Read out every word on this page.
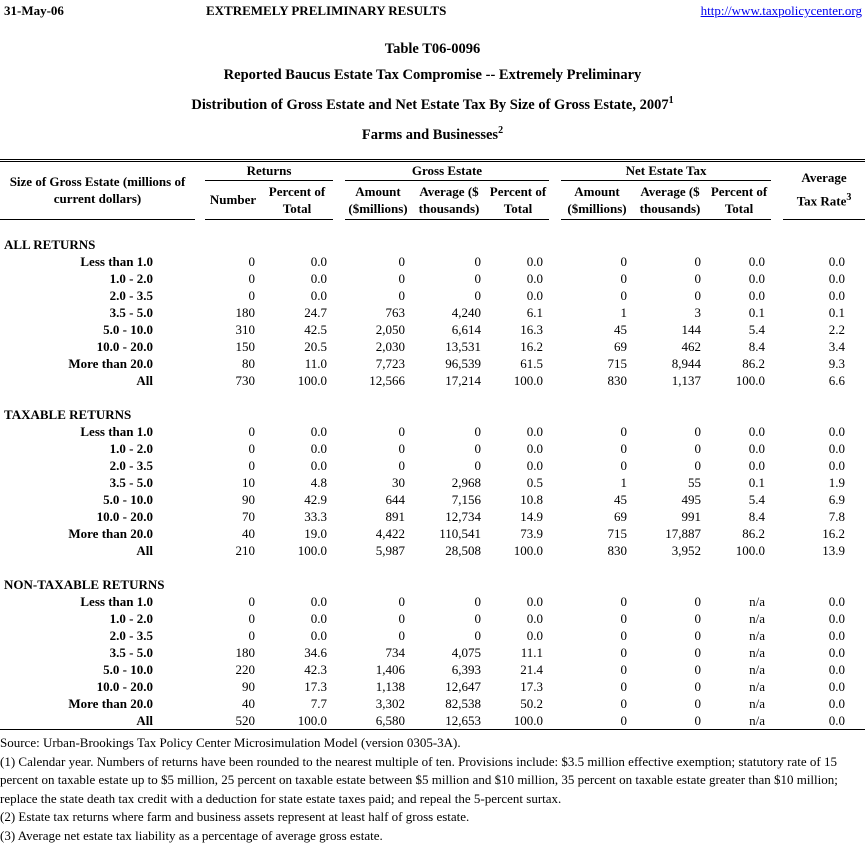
31-May-06	EXTREMELY PRELIMINARY RESULTS	http://www.taxpolicycenter.org
Table T06-0096
Reported Baucus Estate Tax Compromise -- Extremely Preliminary
Distribution of Gross Estate and Net Estate Tax By Size of Gross Estate, 2007$^1$
Farms and Businesses$^2$
Size of Gross Estate (millions of current dollars)		Returns			Gross Estate				Net Estate Tax				Average
Tax Rate$^3$
		Number	Percent of Total		Amount ($millions)	Average ($ thousands)	Percent of Total		Amount ($millions)	Average ($ thousands)	Percent of Total		

ALL RETURNS													
Less than 1.0		0	0.0		0	0	0.0		0	0	0.0		0.0
1.0 - 2.0		0	0.0		0	0	0.0		0	0	0.0		0.0
2.0 - 3.5		0	0.0		0	0	0.0		0	0	0.0		0.0
3.5 - 5.0		180	24.7		763	4,240	6.1		1	3	0.1		0.1
5.0 - 10.0		310	42.5		2,050	6,614	16.3		45	144	5.4		2.2
10.0 - 20.0		150	20.5		2,030	13,531	16.2		69	462	8.4		3.4
More than 20.0		80	11.0		7,723	96,539	61.5		715	8,944	86.2		9.3
All		730	100.0		12,566	17,214	100.0		830	1,137	100.0		6.6

TAXABLE RETURNS													
Less than 1.0		0	0.0		0	0	0.0		0	0	0.0		0.0
1.0 - 2.0		0	0.0		0	0	0.0		0	0	0.0		0.0
2.0 - 3.5		0	0.0		0	0	0.0		0	0	0.0		0.0
3.5 - 5.0		10	4.8		30	2,968	0.5		1	55	0.1		1.9
5.0 - 10.0		90	42.9		644	7,156	10.8		45	495	5.4		6.9
10.0 - 20.0		70	33.3		891	12,734	14.9		69	991	8.4		7.8
More than 20.0		40	19.0		4,422	110,541	73.9		715	17,887	86.2		16.2
All		210	100.0		5,987	28,508	100.0		830	3,952	100.0		13.9

NON-TAXABLE RETURNS													
Less than 1.0		0	0.0		0	0	0.0		0	0	n/a		0.0
1.0 - 2.0		0	0.0		0	0	0.0		0	0	n/a		0.0
2.0 - 3.5		0	0.0		0	0	0.0		0	0	n/a		0.0
3.5 - 5.0		180	34.6		734	4,075	11.1		0	0	n/a		0.0
5.0 - 10.0		220	42.3		1,406	6,393	21.4		0	0	n/a		0.0
10.0 - 20.0		90	17.3		1,138	12,647	17.3		0	0	n/a		0.0
More than 20.0		40	7.7		3,302	82,538	50.2		0	0	n/a		0.0
All		520	100.0		6,580	12,653	100.0		0	0	n/a		0.0
Source: Urban-Brookings Tax Policy Center Microsimulation Model (version 0305-3A).
(1) Calendar year. Numbers of returns have been rounded to the nearest multiple of ten. Provisions include: $3.5 million effective exemption; statutory rate of 15 percent on taxable estate up to $5 million, 25 percent on taxable estate between $5 million and $10 million, 35 percent on taxable estate greater than $10 million; replace the state death tax credit with a deduction for state estate taxes paid; and repeal the 5-percent surtax.
(2) Estate tax returns where farm and business assets represent at least half of gross estate.
(3) Average net estate tax liability as a percentage of average gross estate.
